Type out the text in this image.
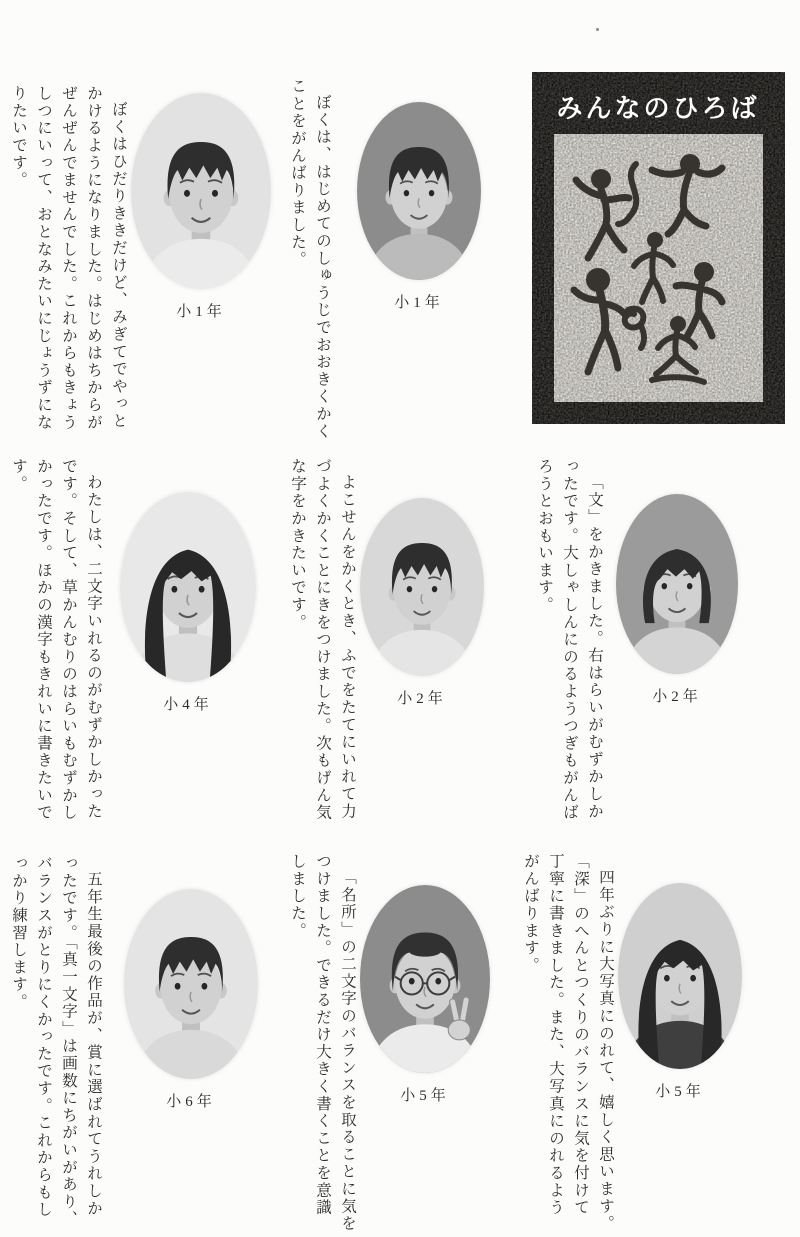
みんなのひろば
ぼくはひだりききだけど、みぎてでやっとかけるようになりました。はじめはちからがぜんぜんでませんでした。これからもきょうしつにいって、おとなみたいにじょうずになりたいです。
小1年	ぼくは、はじめてのしゅうじでおおきくかくことをがんばりました。
小1年
わたしは、二文字いれるのがむずかしかったです。そして、草かんむりのはらいもむずかしかったです。ほかの漢字もきれいに書きたいです。
小4年	よこせんをかくとき、ふでをたてにいれて力づよくかくことにきをつけました。次もげん気な字をかきたいです。
小2年	「文」をかきました。右はらいがむずかしかったです。大しゃしんにのるようつぎもがんばろうとおもいます。
小2年
五年生最後の作品が、賞に選ばれてうれしかったです。「真一文字」は画数にちがいがあり、バランスがとりにくかったです。これからもしっかり練習します。
小6年	「名所」の二文字のバランスを取ることに気をつけました。できるだけ大きく書くことを意識しました。
小5年	四年ぶりに大写真にのれて、嬉しく思います。「深」のへんとつくりのバランスに気を付けて丁寧に書きました。また、大写真にのれるようがんばります。
小5年
